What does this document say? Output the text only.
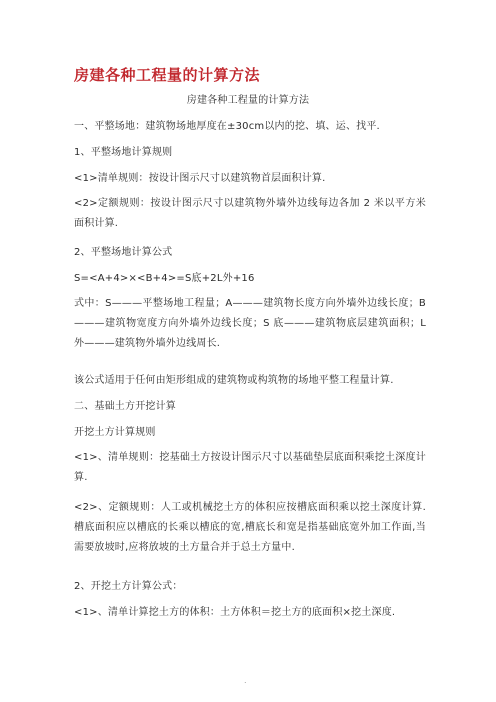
房建各种工程量的计算方法
房建各种工程量的计算方法
一、平整场地：建筑物场地厚度在±30cm以内的挖、填、运、找平.
1、平整场地计算规则
<1>清单规则：按设计图示尺寸以建筑物首层面积计算.
<2>定额规则：按设计图示尺寸以建筑物外墙外边线每边各加 2 米以平方米面积计算.
2、平整场地计算公式
S=<A+4>×<B+4>=S底+2L外+16
式中：S———平整场地工程量；A———建筑物长度方向外墙外边线长度；B———建筑物宽度方向外墙外边线长度；S 底———建筑物底层建筑面积；L外———建筑物外墙外边线周长.
该公式适用于任何由矩形组成的建筑物或构筑物的场地平整工程量计算.
二、基础土方开挖计算
开挖土方计算规则
<1>、清单规则：挖基础土方按设计图示尺寸以基础垫层底面积乘挖土深度计算.
<2>、定额规则：人工或机械挖土方的体积应按槽底面积乘以挖土深度计算.槽底面积应以槽底的长乘以槽底的宽,槽底长和宽是指基础底宽外加工作面,当需要放坡时,应将放坡的土方量合并于总土方量中.
2、开挖土方计算公式：
<1>、清单计算挖土方的体积：土方体积＝挖土方的底面积×挖土深度.
.
